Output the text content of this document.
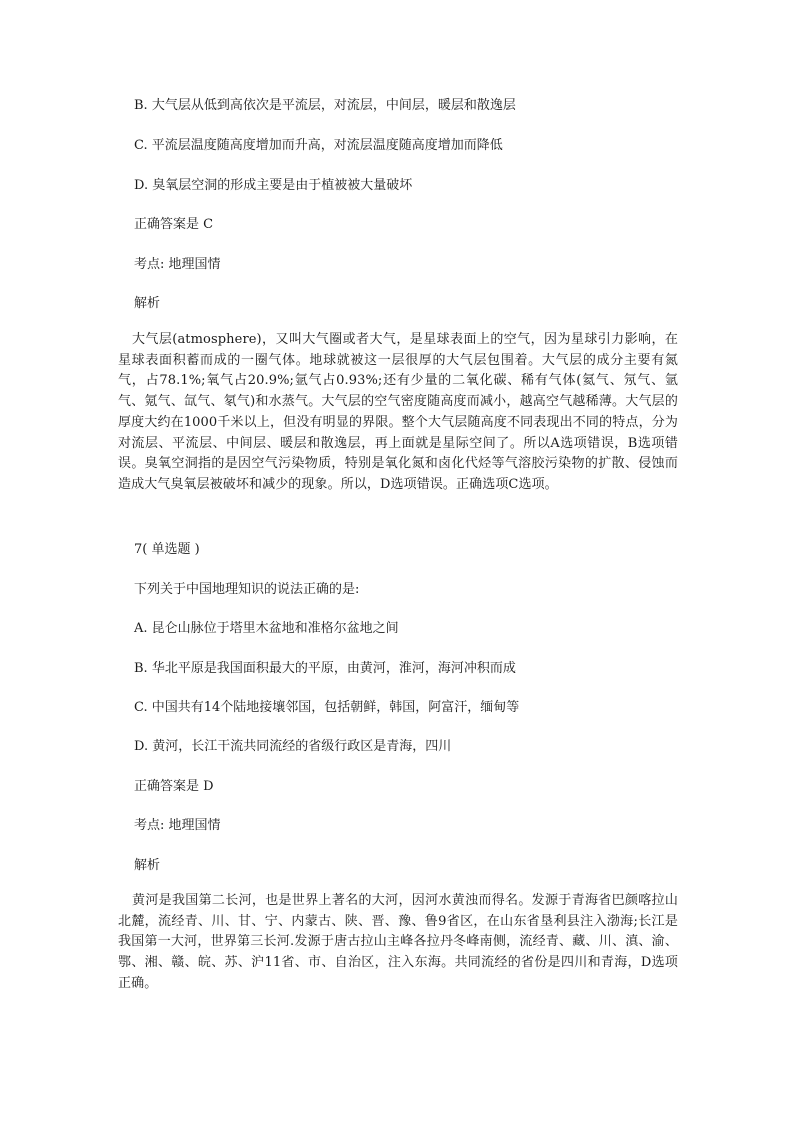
B. 大气层从低到高依次是平流层，对流层，中间层，暖层和散逸层
C. 平流层温度随高度增加而升高，对流层温度随高度增加而降低
D. 臭氧层空洞的形成主要是由于植被被大量破坏
正确答案是 C
考点: 地理国情
解析
大气层(atmosphere)，又叫大气圈或者大气，是星球表面上的空气，因为星球引力影响，在星球表面积蓄而成的一圈气体。地球就被这一层很厚的大气层包围着。大气层的成分主要有氮气，占78.1%;氧气占20.9%;氩气占0.93%;还有少量的二氧化碳、稀有气体(氦气、氖气、氩气、氪气、氙气、氡气)和水蒸气。大气层的空气密度随高度而减小，越高空气越稀薄。大气层的厚度大约在1000千米以上，但没有明显的界限。整个大气层随高度不同表现出不同的特点，分为对流层、平流层、中间层、暖层和散逸层，再上面就是星际空间了。所以A选项错误，B选项错误。臭氧空洞指的是因空气污染物质，特别是氧化氮和卤化代烃等气溶胶污染物的扩散、侵蚀而造成大气臭氧层被破坏和减少的现象。所以，D选项错误。正确选项C选项。
7( 单选题 )
下列关于中国地理知识的说法正确的是:
A. 昆仑山脉位于塔里木盆地和准格尔盆地之间
B. 华北平原是我国面积最大的平原，由黄河，淮河，海河冲积而成
C. 中国共有14个陆地接壤邻国，包括朝鲜，韩国，阿富汗，缅甸等
D. 黄河，长江干流共同流经的省级行政区是青海，四川
正确答案是 D
考点: 地理国情
解析
黄河是我国第二长河，也是世界上著名的大河，因河水黄浊而得名。发源于青海省巴颜喀拉山北麓，流经青、川、甘、宁、内蒙古、陕、晋、豫、鲁9省区，在山东省垦利县注入渤海;长江是我国第一大河，世界第三长河.发源于唐古拉山主峰各拉丹冬峰南侧，流经青、藏、川、滇、渝、鄂、湘、赣、皖、苏、沪11省、市、自治区，注入东海。共同流经的省份是四川和青海，D选项正确。
